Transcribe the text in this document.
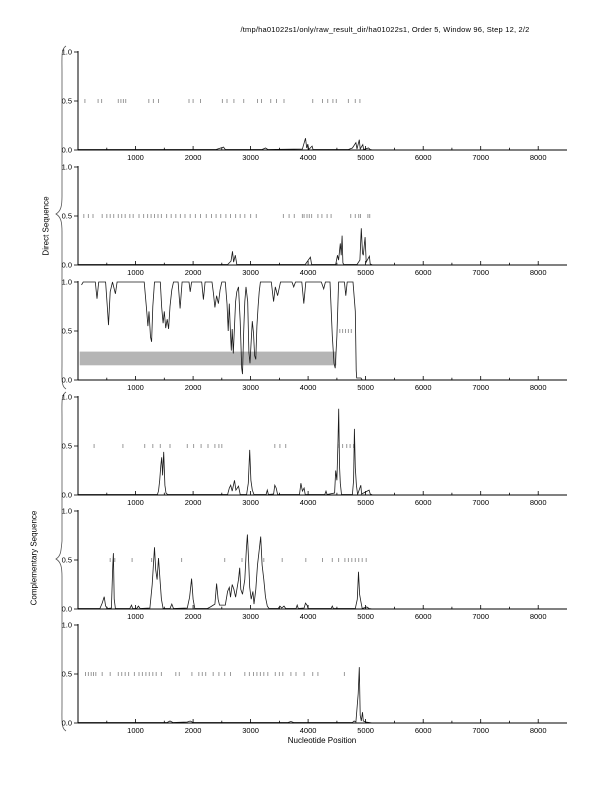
/tmp/ha01022s1/only/raw_result_dir/ha01022s1, Order 5, Window 96, Step 12, 2/2
Direct Sequence
Complementary Sequence
Nucleotide Position
1000	2000	3000	4000	5000	6000	7000	8000
0.0
0.5
1.0
1000	2000	3000	4000	5000	6000	7000	8000
0.0
0.5
1.0
1000	2000	3000	4000	5000	6000	7000	8000
0.0
0.5
1.0
1000	2000	3000	4000	5000	6000	7000	8000
0.0
0.5
1.0
1000	2000	3000	4000	5000	6000	7000	8000
0.0
0.5
1.0
1000	2000	3000	4000	5000	6000	7000	8000
0.0
0.5
1.0
